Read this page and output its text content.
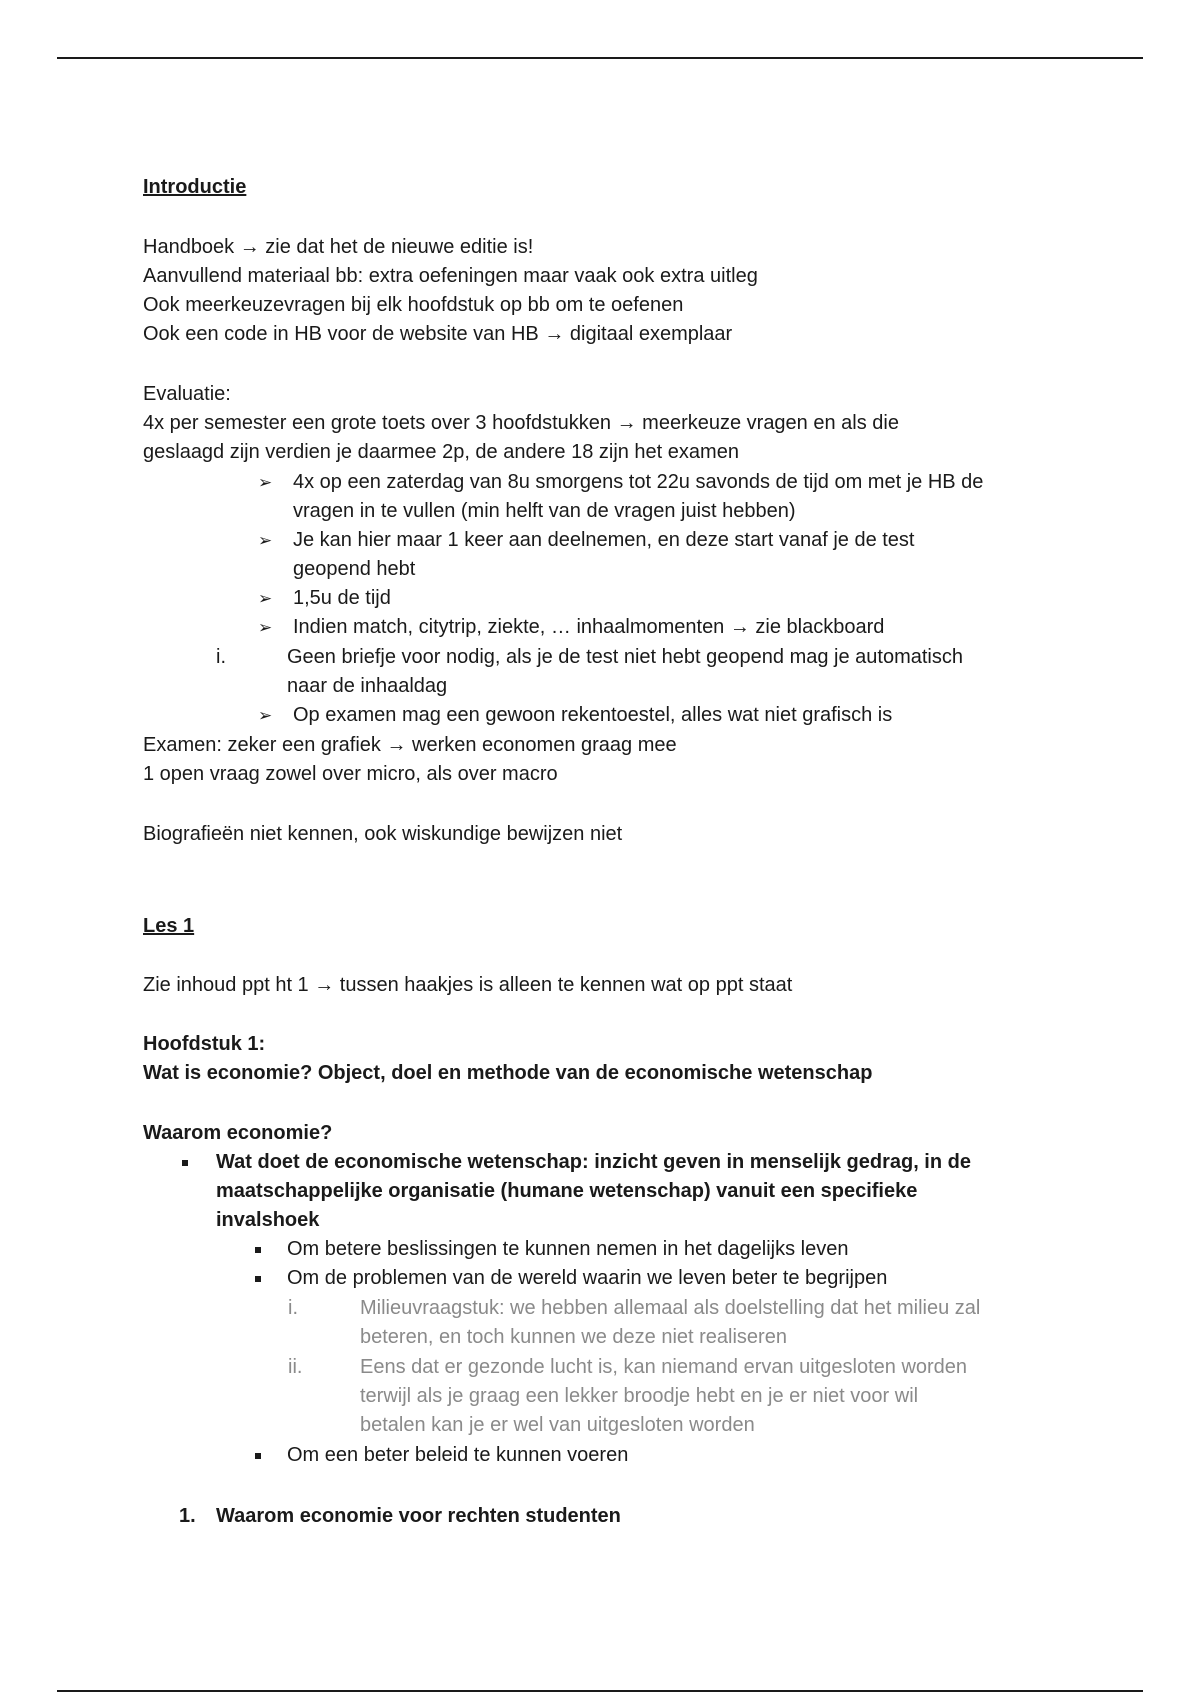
Introductie
Handboek → zie dat het de nieuwe editie is!
Aanvullend materiaal bb: extra oefeningen maar vaak ook extra uitleg
Ook meerkeuzevragen bij elk hoofdstuk op bb om te oefenen
Ook een code in HB voor de website van HB → digitaal exemplaar
Evaluatie:
4x per semester een grote toets over 3 hoofdstukken → meerkeuze vragen en als die
geslaagd zijn verdien je daarmee 2p, de andere 18 zijn het examen
➢ 4x op een zaterdag van 8u smorgens tot 22u savonds de tijd om met je HB de
vragen in te vullen (min helft van de vragen juist hebben)
➢ Je kan hier maar 1 keer aan deelnemen, en deze start vanaf je de test
geopend hebt
➢ 1,5u de tijd
➢ Indien match, citytrip, ziekte, … inhaalmomenten → zie blackboard
i.	Geen briefje voor nodig, als je de test niet hebt geopend mag je automatisch
naar de inhaaldag
➢ Op examen mag een gewoon rekentoestel, alles wat niet grafisch is
Examen: zeker een grafiek → werken economen graag mee
1 open vraag zowel over micro, als over macro
Biografieën niet kennen, ook wiskundige bewijzen niet
Les 1
Zie inhoud ppt ht 1 → tussen haakjes is alleen te kennen wat op ppt staat
Hoofdstuk 1:
Wat is economie? Object, doel en methode van de economische wetenschap
Waarom economie?
Wat doet de economische wetenschap: inzicht geven in menselijk gedrag, in de
maatschappelijke organisatie (humane wetenschap) vanuit een specifieke
invalshoek
Om betere beslissingen te kunnen nemen in het dagelijks leven
Om de problemen van de wereld waarin we leven beter te begrijpen
i.	Milieuvraagstuk: we hebben allemaal als doelstelling dat het milieu zal
beteren, en toch kunnen we deze niet realiseren
ii.	Eens dat er gezonde lucht is, kan niemand ervan uitgesloten worden
terwijl als je graag een lekker broodje hebt en je er niet voor wil
betalen kan je er wel van uitgesloten worden
Om een beter beleid te kunnen voeren
1. Waarom economie voor rechten studenten
